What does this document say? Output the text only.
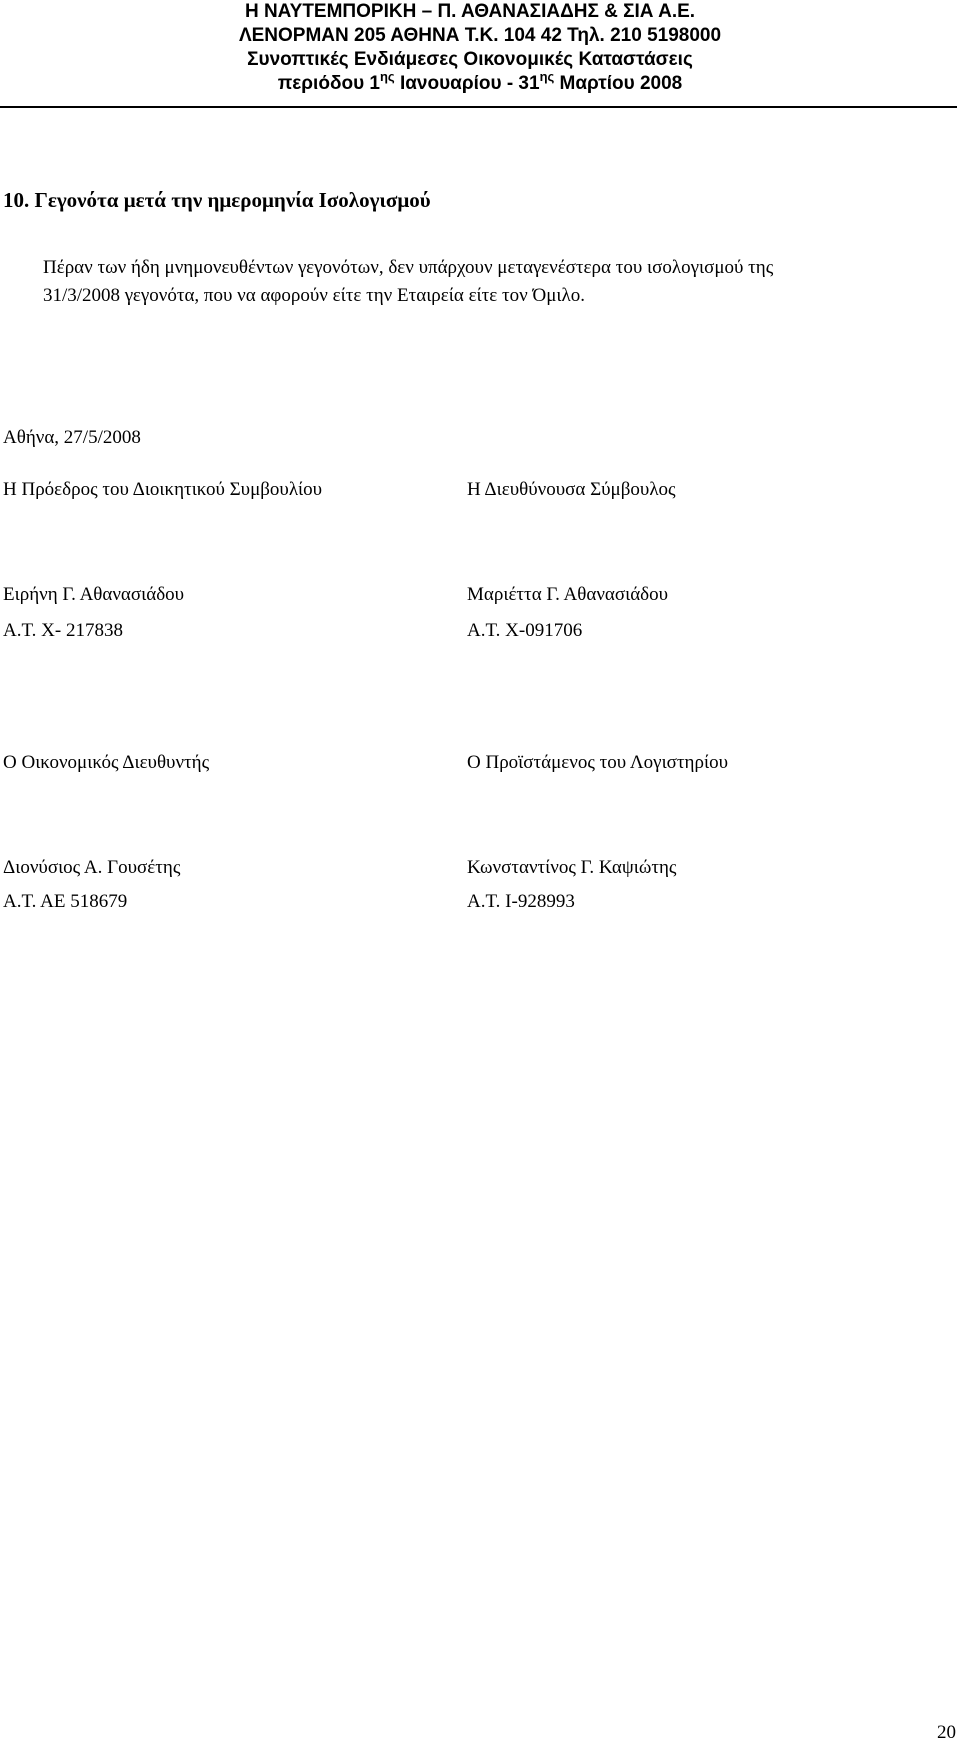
Η ΝΑΥΤΕΜΠΟΡΙΚΗ – Π. ΑΘΑΝΑΣΙΑΔΗΣ & ΣΙΑ Α.Ε.
ΛΕΝΟΡΜΑΝ 205 ΑΘΗΝΑ Τ.Κ. 104 42 Τηλ. 210 5198000
Συνοπτικές Ενδιάμεσες Οικονομικές Καταστάσεις
περιόδου $1^{\eta\varsigma}$ Ιανουαρίου - $31^{\eta\varsigma}$ Μαρτίου 2008
10. Γεγονότα μετά την ημερομηνία Ισολογισμού
Πέραν των ήδη μνημονευθέντων γεγονότων, δεν υπάρχουν μεταγενέστερα του ισολογισμού της
31/3/2008 γεγονότα, που να αφορούν είτε την Εταιρεία είτε τον Όμιλο.
Αθήνα, 27/5/2008
Η Πρόεδρος του Διοικητικού Συμβουλίου	Η Διευθύνουσα Σύμβουλος
Ειρήνη Γ. Αθανασιάδου	Μαριέττα Γ. Αθανασιάδου
Α.Τ. Χ- 217838	Α.Τ. Χ-091706
Ο Οικονομικός Διευθυντής	Ο Προϊστάμενος του Λογιστηρίου
Διονύσιος Α. Γουσέτης	Κωνσταντίνος Γ. Καψιώτης
Α.Τ. ΑΕ 518679	Α.Τ. Ι-928993
20
